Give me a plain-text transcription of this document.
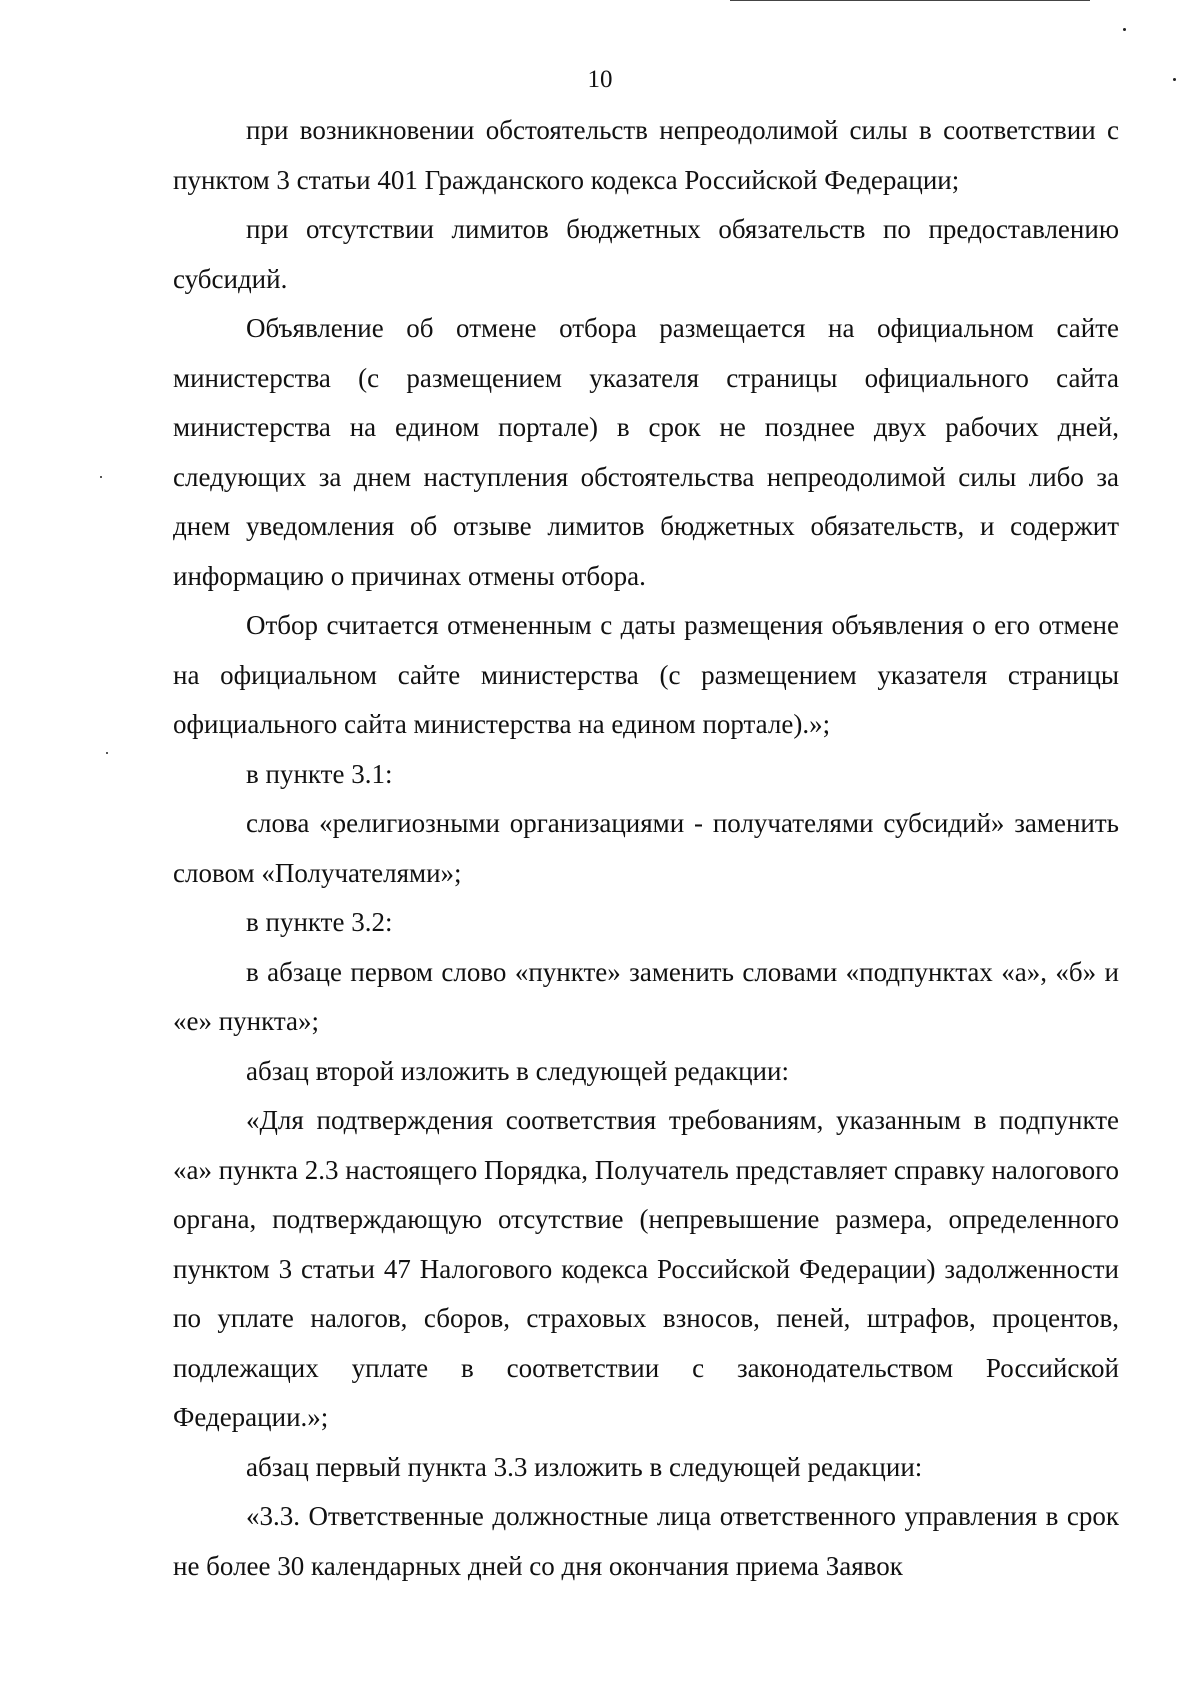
10

при возникновении обстоятельств непреодолимой силы в соответствии с пунктом 3 статьи 401 Гражданского кодекса Российской Федерации;

при отсутствии лимитов бюджетных обязательств по предоставлению субсидий.

Объявление об отмене отбора размещается на официальном сайте министерства (с размещением указателя страницы официального сайта министерства на едином портале) в срок не позднее двух рабочих дней, следующих за днем наступления обстоятельства непреодолимой силы либо за днем уведомления об отзыве лимитов бюджетных обязательств, и содержит информацию о причинах отмены отбора.

Отбор считается отмененным с даты размещения объявления о его отмене на официальном сайте министерства (с размещением указателя страницы официального сайта министерства на едином портале).»;

в пункте 3.1:

слова «религиозными организациями - получателями субсидий» заменить словом «Получателями»;

в пункте 3.2:

в абзаце первом слово «пункте» заменить словами «подпунктах «а», «б» и «е» пункта»;

абзац второй изложить в следующей редакции:

«Для подтверждения соответствия требованиям, указанным в подпункте «а» пункта 2.3 настоящего Порядка, Получатель представляет справку налогового органа, подтверждающую отсутствие (непревышение размера, определенного пунктом 3 статьи 47 Налогового кодекса Российской Федерации) задолженности по уплате налогов, сборов, страховых взносов, пеней, штрафов, процентов, подлежащих уплате в соответствии с законодательством Российской Федерации.»;

абзац первый пункта 3.3 изложить в следующей редакции:

«3.3. Ответственные должностные лица ответственного управления в срок не более 30 календарных дней со дня окончания приема Заявок
